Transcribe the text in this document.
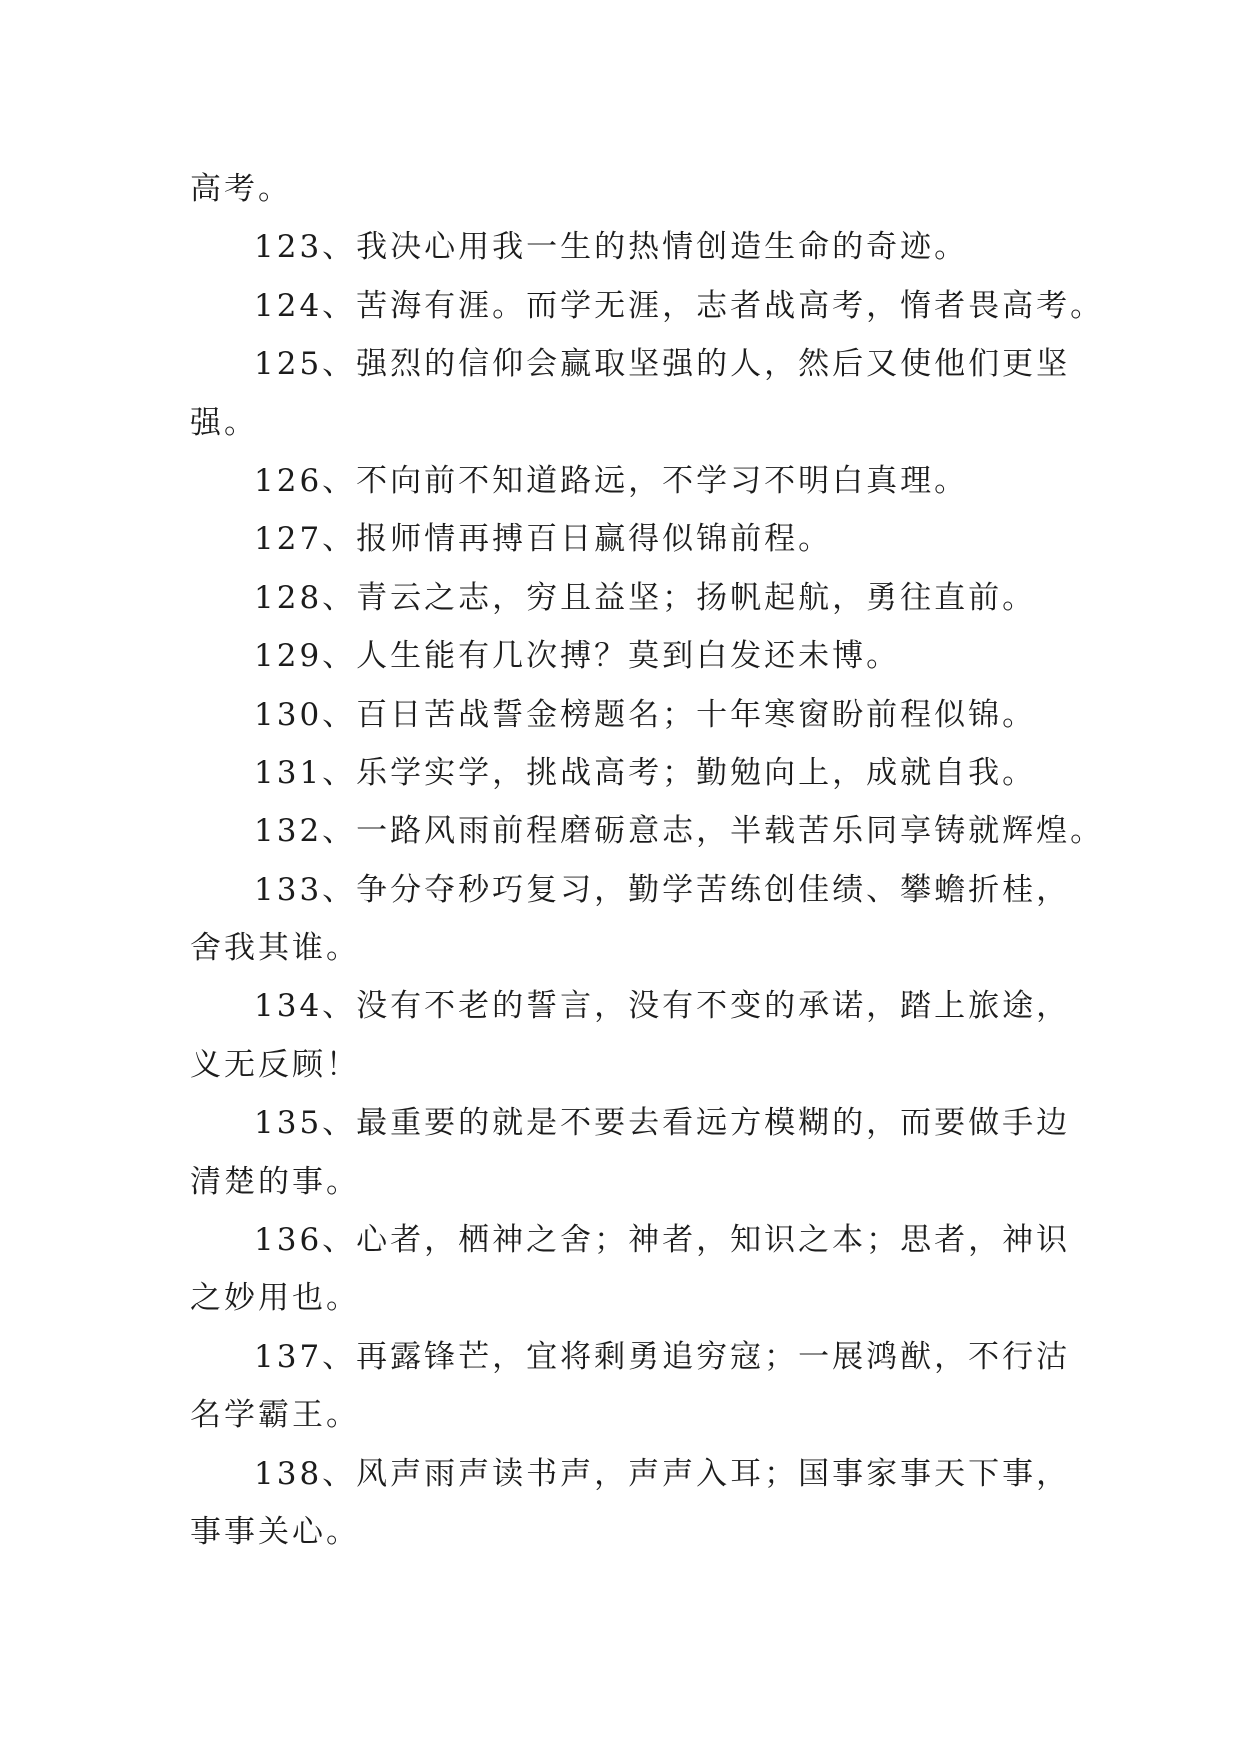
高考。
123、我决心用我一生的热情创造生命的奇迹。
124、苦海有涯。而学无涯，志者战高考，惰者畏高考。
125、强烈的信仰会赢取坚强的人，然后又使他们更坚
强。
126、不向前不知道路远，不学习不明白真理。
127、报师情再搏百日赢得似锦前程。
128、青云之志，穷且益坚；扬帆起航，勇往直前。
129、人生能有几次搏？莫到白发还未博。
130、百日苦战誓金榜题名；十年寒窗盼前程似锦。
131、乐学实学，挑战高考；勤勉向上，成就自我。
132、一路风雨前程磨砺意志，半载苦乐同享铸就辉煌。
133、争分夺秒巧复习，勤学苦练创佳绩、攀蟾折桂，
舍我其谁。
134、没有不老的誓言，没有不变的承诺，踏上旅途，
义无反顾！
135、最重要的就是不要去看远方模糊的，而要做手边
清楚的事。
136、心者，栖神之舍；神者，知识之本；思者，神识
之妙用也。
137、再露锋芒，宜将剩勇追穷寇；一展鸿猷，不行沽
名学霸王。
138、风声雨声读书声，声声入耳；国事家事天下事，
事事关心。
